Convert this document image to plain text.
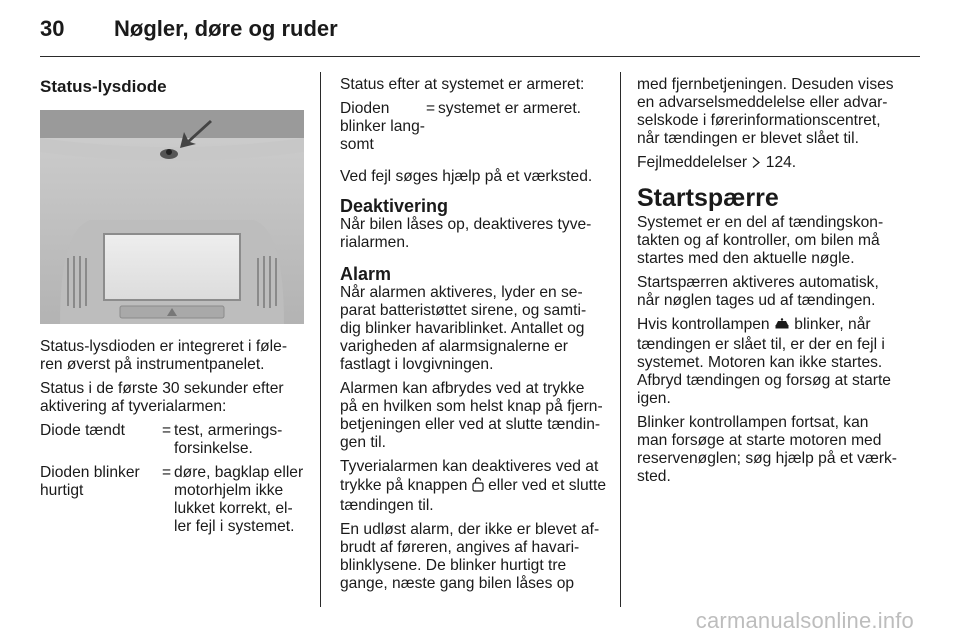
30	Nøgler, døre og ruder
Status-lysdiode

Status-lysdioden er integreret i føle-ren øverst på instrumentpanelet.

Status i de første 30 sekunder efter aktivering af tyverialarmen:

Diode tændt	= test, armerings-forsinkelse.
Dioden blinker hurtigt
= døre, bagklap eller motorhjelm ikke lukket korrekt, el-ler fejl i systemet.

Status efter at systemet er armeret:

Dioden blinker lang-somt
= systemet er armeret.

Ved fejl søges hjælp på et værksted.

Deaktivering

Når bilen låses op, deaktiveres tyve-rialarmen.

Alarm

Når alarmen aktiveres, lyder en se-parat batteristøttet sirene, og samti-dig blinker havariblinket. Antallet og varigheden af alarmsignalerne er fastlagt i lovgivningen.

Alarmen kan afbrydes ved at trykke på en hvilken som helst knap på fjern-betjeningen eller ved at slutte tændin-gen til.

Tyverialarmen kan deaktiveres ved at trykke på knappen eller ved et slutte tændingen til.

En udløst alarm, der ikke er blevet af-brudt af føreren, angives af havari-blinklysene. De blinker hurtigt tre gange, næste gang bilen låses op

med fjernbetjeningen. Desuden vises en advarselsmeddelelse eller advar-selskode i førerinformationscentret, når tændingen er blevet slået til.

Fejlmeddelelser 124.

Startspærre

Systemet er en del af tændingskon-takten og af kontroller, om bilen må startes med den aktuelle nøgle.

Startspærren aktiveres automatisk, når nøglen tages ud af tændingen.

Hvis kontrollampen blinker, når tændingen er slået til, er der en fejl i systemet. Motoren kan ikke startes. Afbryd tændingen og forsøg at starte igen.

Blinker kontrollampen fortsat, kan man forsøge at starte motoren med reservenøglen; søg hjælp på et værk-sted.

carmanualsonline.info
